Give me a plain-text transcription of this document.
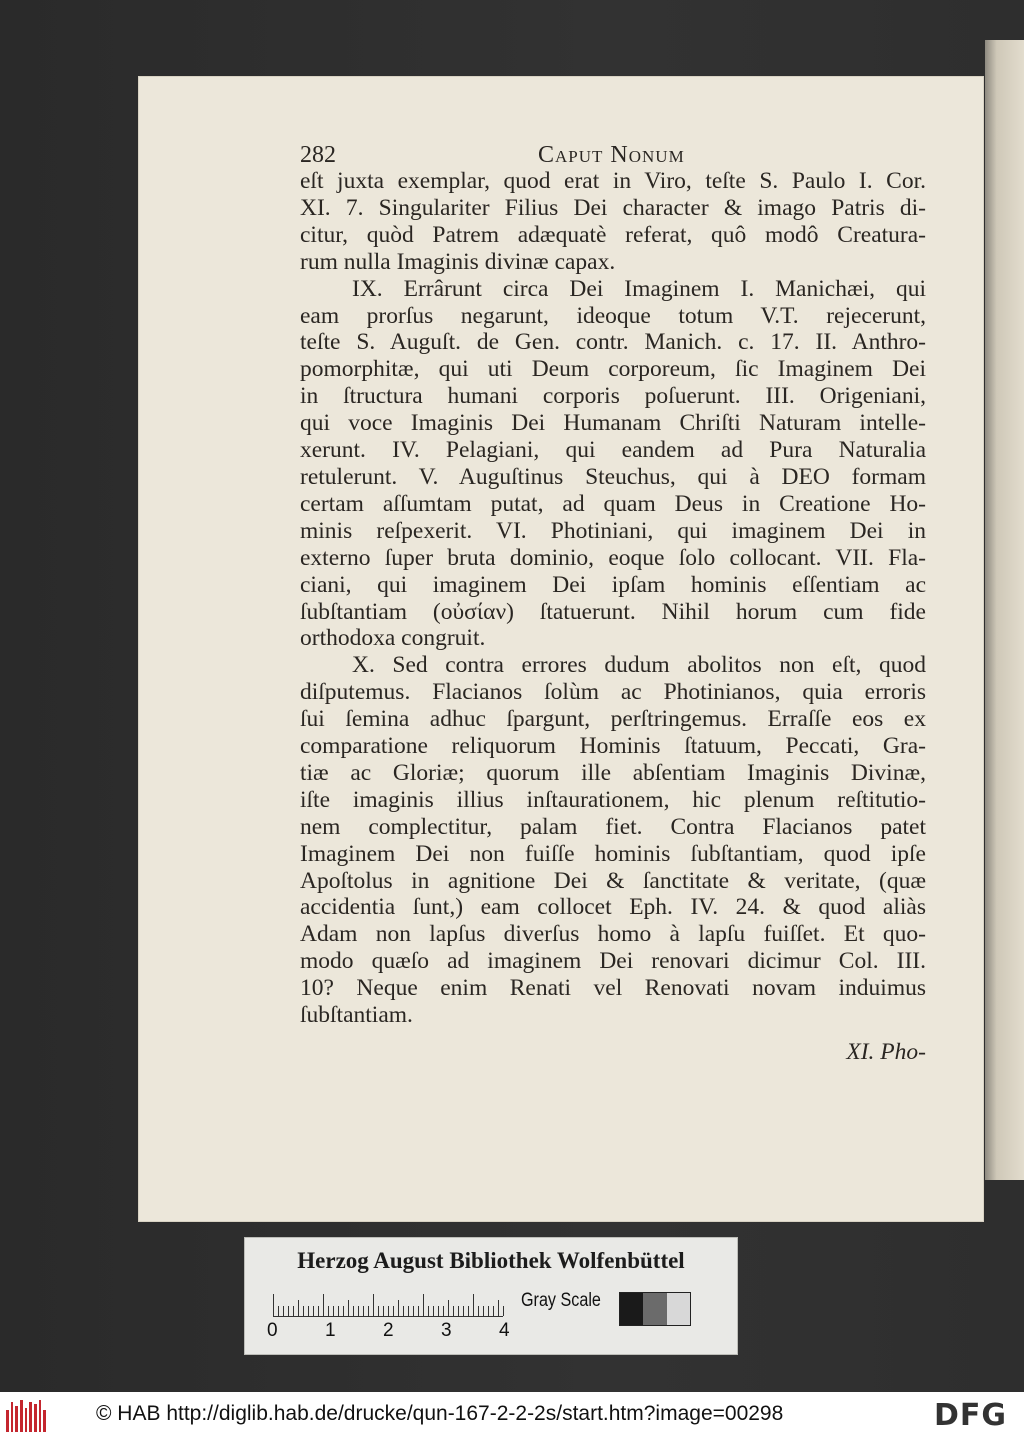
282	Caput Nonum
eſt juxta exemplar, quod erat in Viro, teſte S. Paulo I. Cor.
XI. 7. Singulariter Filius Dei character & imago Patris di-
citur, quòd Patrem adæquatè referat, quô modô Creatura-
rum nulla Imaginis divinæ capax.
IX. Errârunt circa Dei Imaginem I. Manichæi, qui
eam prorſus negarunt, ideoque totum V.T. rejecerunt,
teſte S. Auguſt. de Gen. contr. Manich. c. 17. II. Anthro-
pomorphitæ, qui uti Deum corporeum, ſic Imaginem Dei
in ſtructura humani corporis poſuerunt. III. Origeniani,
qui voce Imaginis Dei Humanam Chriſti Naturam intelle-
xerunt. IV. Pelagiani, qui eandem ad Pura Naturalia
retulerunt. V. Auguſtinus Steuchus, qui à DEO formam
certam aſſumtam putat, ad quam Deus in Creatione Ho-
minis reſpexerit. VI. Photiniani, qui imaginem Dei in
externo ſuper bruta dominio, eoque ſolo collocant. VII. Fla-
ciani, qui imaginem Dei ipſam hominis eſſentiam ac
ſubſtantiam (οὐσίαν) ſtatuerunt. Nihil horum cum fide
orthodoxa congruit.
X. Sed contra errores dudum abolitos non eſt, quod
diſputemus. Flacianos ſolùm ac Photinianos, quia erroris
ſui ſemina adhuc ſpargunt, perſtringemus. Erraſſe eos ex
comparatione reliquorum Hominis ſtatuum, Peccati, Gra-
tiæ ac Gloriæ; quorum ille abſentiam Imaginis Divinæ,
iſte imaginis illius inſtaurationem, hic plenum reſtitutio-
nem complectitur, palam fiet. Contra Flacianos patet
Imaginem Dei non fuiſſe hominis ſubſtantiam, quod ipſe
Apoſtolus in agnitione Dei & ſanctitate & veritate, (quæ
accidentia ſunt,) eam collocet Eph. IV. 24. & quod aliàs
Adam non lapſus diverſus homo à lapſu fuiſſet. Et quo-
modo quæſo ad imaginem Dei renovari dicimur Col. III.
10? Neque enim Renati vel Renovati novam induimus
ſubſtantiam.
XI. Pho-
Herzog August Bibliothek Wolfenbüttel
0 1 2 3 4
Gray Scale
© HAB http://diglib.hab.de/drucke/qun-167-2-2-2s/start.htm?image=00298	DFG
